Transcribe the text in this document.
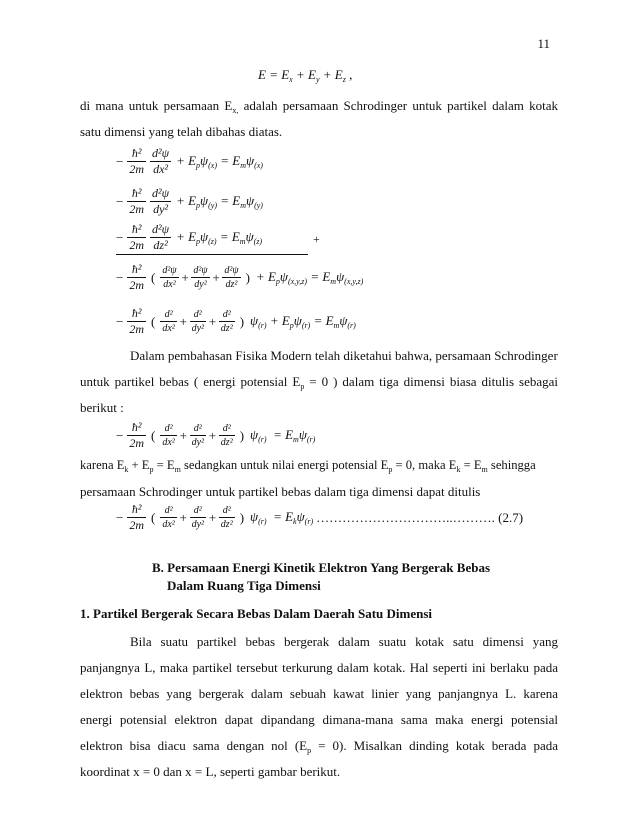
11
$E = E_x + E_y + E_z$ ,
di mana untuk persamaan $E_{x,}$ adalah persamaan Schrodinger untuk partikel dalam kotak
satu dimensi yang telah dibahas diatas.
− $\frac{\text{ħ²}}{2m} \frac{\text{d²ψ}}{\text{dx²}} + E_p\psi_{(x)} = E_m\psi_{(x)}$
− $\frac{\text{ħ²}}{2m} \frac{\text{d²ψ}}{\text{dy²}} + E_p\psi_{(y)} = E_m\psi_{(y)}$
− $\frac{\text{ħ²}}{2m} \frac{\text{d²ψ}}{\text{dz²}} + E_p\psi_{(z)} = E_m\psi_{(z)}$	+
− $\frac{\text{ħ²}}{2m}$ ( $\frac{\text{d²ψ}}{\text{dx²}} + \frac{\text{d²ψ}}{\text{dy²}} + \frac{\text{d²ψ}}{\text{dz²}}$ ) + $E_p\psi_{(x,y,z)} = E_m\psi_{(x,y,z)}$
− $\frac{\text{ħ²}}{2m}$ ( $\frac{\text{d²}}{\text{dx²}} + \frac{\text{d²}}{\text{dy²}} + \frac{\text{d²}}{\text{dz²}}$ ) $\psi_{(r)} + E_p\psi_{(r)} = E_m\psi_{(r)}$
Dalam pembahasan Fisika Modern telah diketahui bahwa, persamaan Schrodinger
untuk partikel bebas ( energi potensial $E_p = 0$ ) dalam tiga dimensi biasa ditulis sebagai
berikut :
− $\frac{\text{ħ²}}{2m}$ ( $\frac{\text{d²}}{\text{dx²}} + \frac{\text{d²}}{\text{dy²}} + \frac{\text{d²}}{\text{dz²}}$ ) $\psi_{(r)} = E_m\psi_{(r)}$
karena $E_k + E_p = E_m$ sedangkan untuk nilai energi potensial $E_p = 0$, maka $E_k = E_m$ sehingga
persamaan Schrodinger untuk partikel bebas dalam tiga dimensi dapat ditulis
− $\frac{\text{ħ²}}{2m}$ ( $\frac{\text{d²}}{\text{dx²}} + \frac{\text{d²}}{\text{dy²}} + \frac{\text{d²}}{\text{dz²}}$ ) $\psi_{(r)} = E_k\psi_{(r)}$ …………………………..………. (2.7)
B. Persamaan Energi Kinetik Elektron Yang Bergerak Bebas
Dalam Ruang Tiga Dimensi
1. Partikel Bergerak Secara Bebas Dalam Daerah Satu Dimensi
Bila suatu partikel bebas bergerak dalam suatu kotak satu dimensi yang
panjangnya L, maka partikel tersebut terkurung dalam kotak. Hal seperti ini berlaku pada
elektron bebas yang bergerak dalam sebuah kawat linier yang panjangnya L. karena
energi potensial elektron dapat dipandang dimana-mana sama maka energi potensial
elektron bisa diacu sama dengan nol $(E_p = 0)$. Misalkan dinding kotak berada pada
koordinat x = 0 dan x = L, seperti gambar berikut.
